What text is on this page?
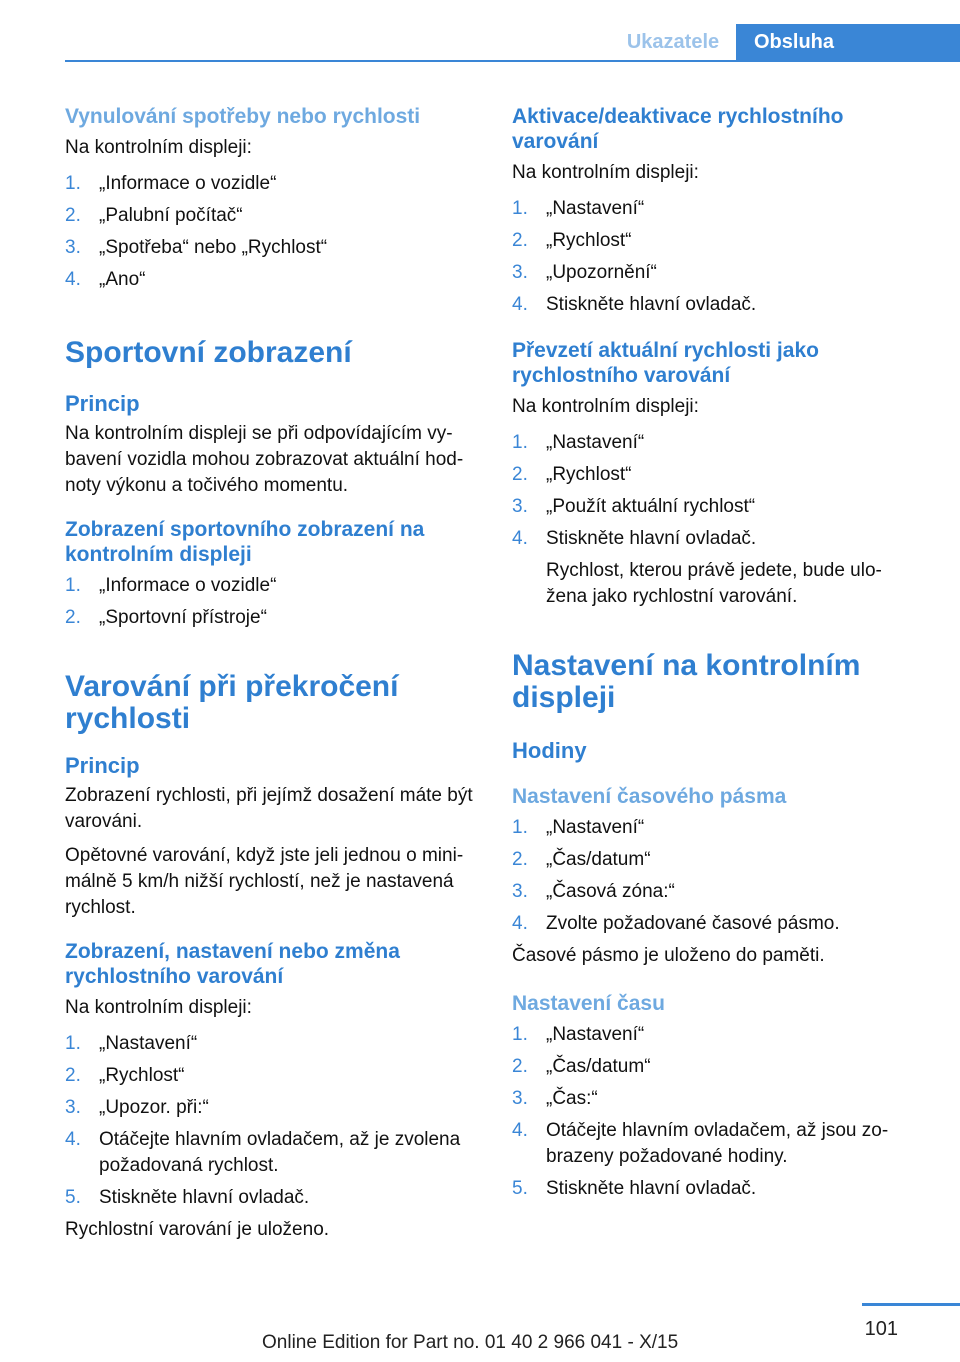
Ukazatele	Obsluha
Vynulování spotřeby nebo rychlosti

Na kontrolním displeji:

1. „Informace o vozidle“
2. „Palubní počítač“
3. „Spotřeba“ nebo „Rychlost“
4. „Ano“
Sportovní zobrazení
Princip

Na kontrolním displeji se při odpovídajícím vybavení vozidla mohou zobrazovat aktuální hodnoty výkonu a točivého momentu.

Zobrazení sportovního zobrazení na kontrolním displeji
1. „Informace o vozidle“
2. „Sportovní přístroje“
Varování při překročení rychlosti
Princip

Zobrazení rychlosti, při jejímž dosažení máte být varováni.

Opětovné varování, když jste jeli jednou o minimálně 5 km/h nižší rychlostí, než je nastavená rychlost.

Zobrazení, nastavení nebo změna rychlostního varování

Na kontrolním displeji:

1. „Nastavení“
2. „Rychlost“
3. „Upozor. při:“
4. Otáčejte hlavním ovladačem, až je zvolena požadovaná rychlost.
5. Stiskněte hlavní ovladač.

Rychlostní varování je uloženo.

Aktivace/deaktivace rychlostního varování

Na kontrolním displeji:

1. „Nastavení“
2. „Rychlost“
3. „Upozornění“
4. Stiskněte hlavní ovladač.
Převzetí aktuální rychlosti jako rychlostního varování

Na kontrolním displeji:

1. „Nastavení“
2. „Rychlost“
3. „Použít aktuální rychlost“
4. Stiskněte hlavní ovladač.

Rychlost, kterou právě jedete, bude uložena jako rychlostní varování.

Nastavení na kontrolním displeji
Hodiny
Nastavení časového pásma
1. „Nastavení“
2. „Čas/datum“
3. „Časová zóna:“
4. Zvolte požadované časové pásmo.

Časové pásmo je uloženo do paměti.

Nastavení času
1. „Nastavení“
2. „Čas/datum“
3. „Čas:“
4. Otáčejte hlavním ovladačem, až jsou zobrazeny požadované hodiny.
5. Stiskněte hlavní ovladač.
101
Online Edition for Part no. 01 40 2 966 041 - X/15
